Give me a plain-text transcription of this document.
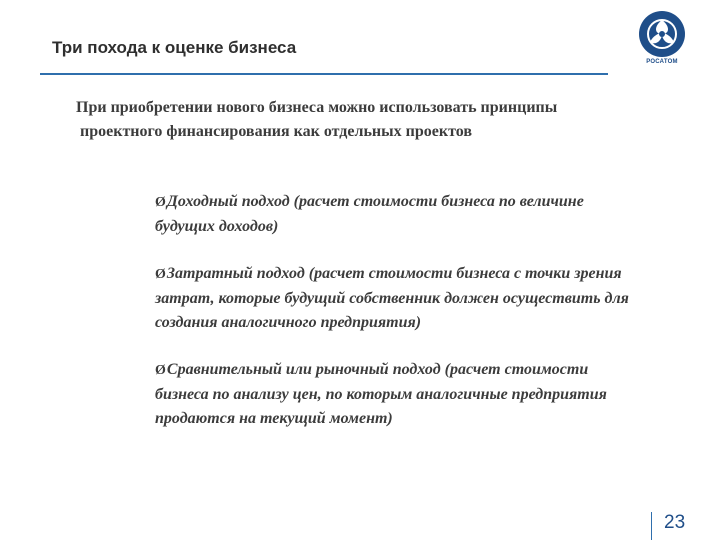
Три похода к оценке бизнеса
РОСАТОМ
При приобретении нового бизнеса можно использовать принципы проектного финансирования как отдельных проектов
ØДоходный подход (расчет стоимости бизнеса по величине будущих доходов)
ØЗатратный подход (расчет стоимости бизнеса с точки зрения затрат, которые будущий собственник должен осуществить для создания аналогичного предприятия)
ØСравнительный или рыночный подход (расчет стоимости бизнеса по анализу цен, по которым аналогичные предприятия продаются на текущий момент)
23
